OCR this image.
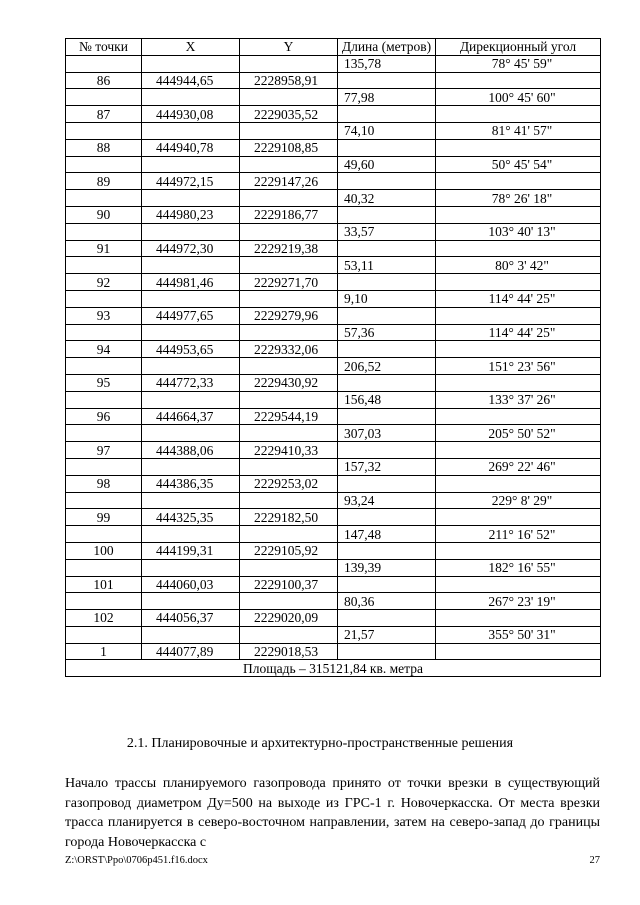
№ точки	X	Y	Длина (метров)	Дирекционный угол
			135,78	78° 45' 59"
86	444944,65	2228958,91		
			77,98	100° 45' 60"
87	444930,08	2229035,52		
			74,10	81° 41' 57"
88	444940,78	2229108,85		
			49,60	50° 45' 54"
89	444972,15	2229147,26		
			40,32	78° 26' 18"
90	444980,23	2229186,77		
			33,57	103° 40' 13"
91	444972,30	2229219,38		
			53,11	80° 3' 42"
92	444981,46	2229271,70		
			9,10	114° 44' 25"
93	444977,65	2229279,96		
			57,36	114° 44' 25"
94	444953,65	2229332,06		
			206,52	151° 23' 56"
95	444772,33	2229430,92		
			156,48	133° 37' 26"
96	444664,37	2229544,19		
			307,03	205° 50' 52"
97	444388,06	2229410,33		
			157,32	269° 22' 46"
98	444386,35	2229253,02		
			93,24	229° 8' 29"
99	444325,35	2229182,50		
			147,48	211° 16' 52"
100	444199,31	2229105,92		
			139,39	182° 16' 55"
101	444060,03	2229100,37		
			80,36	267° 23' 19"
102	444056,37	2229020,09		
			21,57	355° 50' 31"
1	444077,89	2229018,53		
Площадь – 315121,84 кв. метра				
2.1. Планировочные и архитектурно-пространственные решения

Начало трассы планируемого газопровода принято от точки врезки в существующий газопровод диаметром Ду=500 на выходе из ГРС-1 г. Новочеркасска. От места врезки трасса планируется в северо-восточном направлении, затем на северо-запад до границы города Новочеркасска с

Z:\ORST\Ppo\0706p451.f16.docx	27
